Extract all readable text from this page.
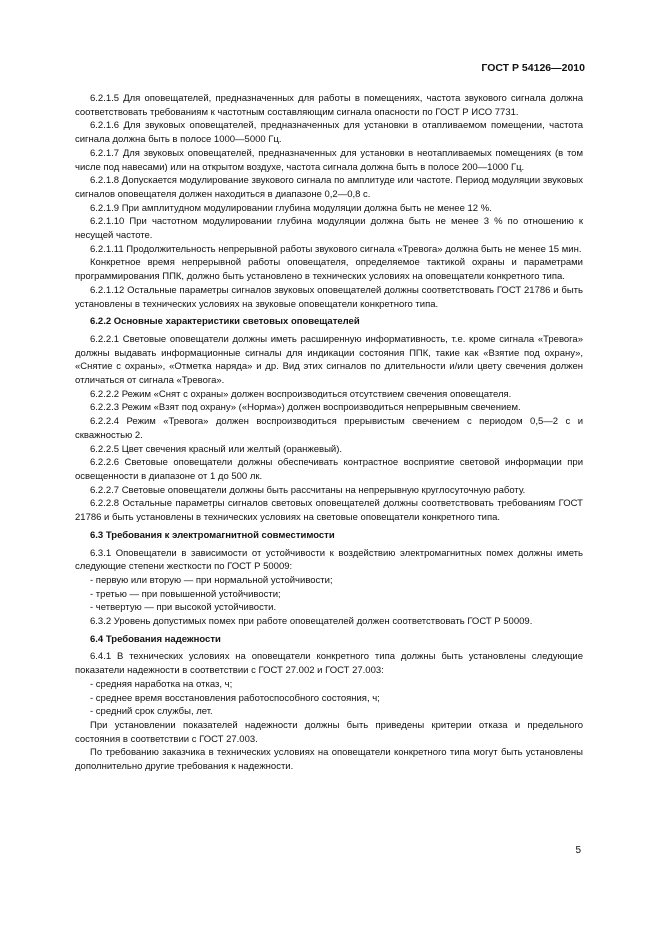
ГОСТ Р 54126—2010

6.2.1.5 Для оповещателей, предназначенных для работы в помещениях, частота звукового сигнала должна соответствовать требованиям к частотным составляющим сигнала опасности по ГОСТ Р ИСО 7731.

6.2.1.6 Для звуковых оповещателей, предназначенных для установки в отапливаемом помещении, частота сигнала должна быть в полосе 1000—5000 Гц.

6.2.1.7 Для звуковых оповещателей, предназначенных для установки в неотапливаемых помещениях (в том числе под навесами) или на открытом воздухе, частота сигнала должна быть в полосе 200—1000 Гц.

6.2.1.8 Допускается модулирование звукового сигнала по амплитуде или частоте. Период модуляции звуковых сигналов оповещателя должен находиться в диапазоне 0,2—0,8 с.

6.2.1.9 При амплитудном модулировании глубина модуляции должна быть не менее 12 %.

6.2.1.10 При частотном модулировании глубина модуляции должна быть не менее 3 % по отношению к несущей частоте.

6.2.1.11 Продолжительность непрерывной работы звукового сигнала «Тревога» должна быть не менее 15 мин.

Конкретное время непрерывной работы оповещателя, определяемое тактикой охраны и параметрами программирования ППК, должно быть установлено в технических условиях на оповещатели конкретного типа.

6.2.1.12 Остальные параметры сигналов звуковых оповещателей должны соответствовать ГОСТ 21786 и быть установлены в технических условиях на звуковые оповещатели конкретного типа.

6.2.2 Основные характеристики световых оповещателей

6.2.2.1 Световые оповещатели должны иметь расширенную информативность, т.е. кроме сигнала «Тревога» должны выдавать информационные сигналы для индикации состояния ППК, такие как «Взятие под охрану», «Снятие с охраны», «Отметка наряда» и др. Вид этих сигналов по длительности и/или цвету свечения должен отличаться от сигнала «Тревога».

6.2.2.2 Режим «Снят с охраны» должен воспроизводиться отсутствием свечения оповещателя.

6.2.2.3 Режим «Взят под охрану» («Норма») должен воспроизводиться непрерывным свечением.

6.2.2.4 Режим «Тревога» должен воспроизводиться прерывистым свечением с периодом 0,5—2 с и скважностью 2.

6.2.2.5 Цвет свечения красный или желтый (оранжевый).

6.2.2.6 Световые оповещатели должны обеспечивать контрастное восприятие световой информации при освещенности в диапазоне от 1 до 500 лк.

6.2.2.7 Световые оповещатели должны быть рассчитаны на непрерывную круглосуточную работу.

6.2.2.8 Остальные параметры сигналов световых оповещателей должны соответствовать требованиям ГОСТ 21786 и быть установлены в технических условиях на световые оповещатели конкретного типа.

6.3 Требования к электромагнитной совместимости

6.3.1 Оповещатели в зависимости от устойчивости к воздействию электромагнитных помех должны иметь следующие степени жесткости по ГОСТ Р 50009:

- первую или вторую — при нормальной устойчивости;

- третью — при повышенной устойчивости;

- четвертую — при высокой устойчивости.

6.3.2 Уровень допустимых помех при работе оповещателей должен соответствовать ГОСТ Р 50009.

6.4 Требования надежности

6.4.1 В технических условиях на оповещатели конкретного типа должны быть установлены следующие показатели надежности в соответствии с ГОСТ 27.002 и ГОСТ 27.003:

- средняя наработка на отказ, ч;

- среднее время восстановления работоспособного состояния, ч;

- средний срок службы, лет.

При установлении показателей надежности должны быть приведены критерии отказа и предельного состояния в соответствии с ГОСТ 27.003.

По требованию заказчика в технических условиях на оповещатели конкретного типа могут быть установлены дополнительно другие требования к надежности.

5
